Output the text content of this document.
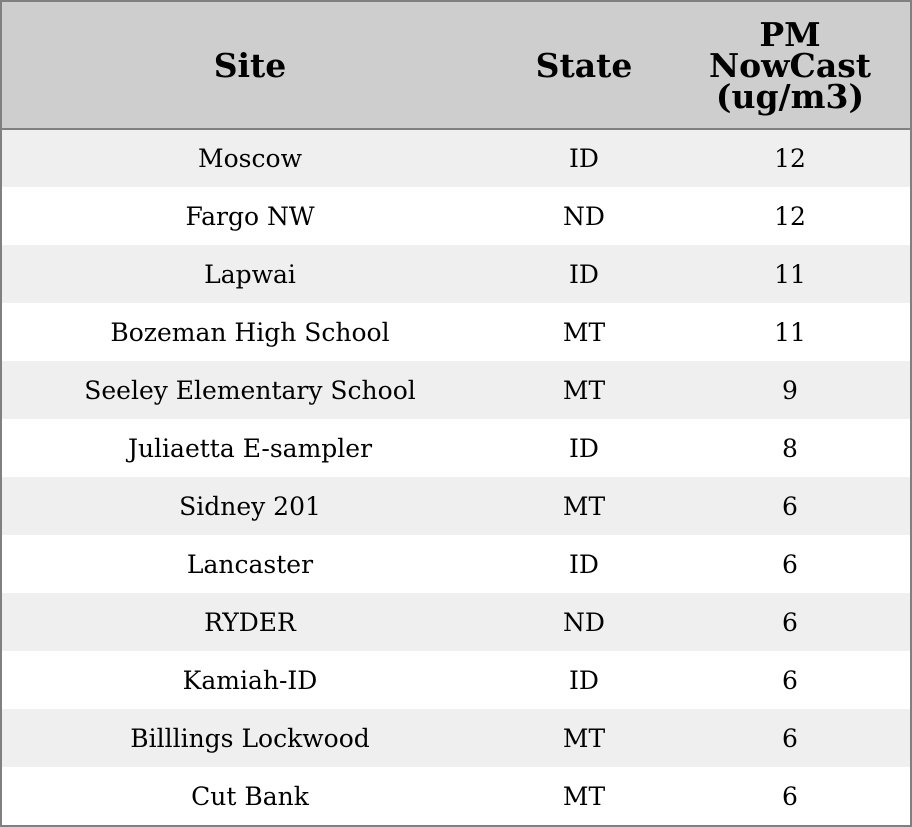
Site	State	PM
NowCast
(ug/m3)

Moscow	ID	12
Fargo NW	ND	12
Lapwai	ID	11
Bozeman High School	MT	11
Seeley Elementary School	MT	9
Juliaetta E-sampler	ID	8
Sidney 201	MT	6
Lancaster	ID	6
RYDER	ND	6
Kamiah-ID	ID	6
Billlings Lockwood	MT	6
Cut Bank	MT	6
